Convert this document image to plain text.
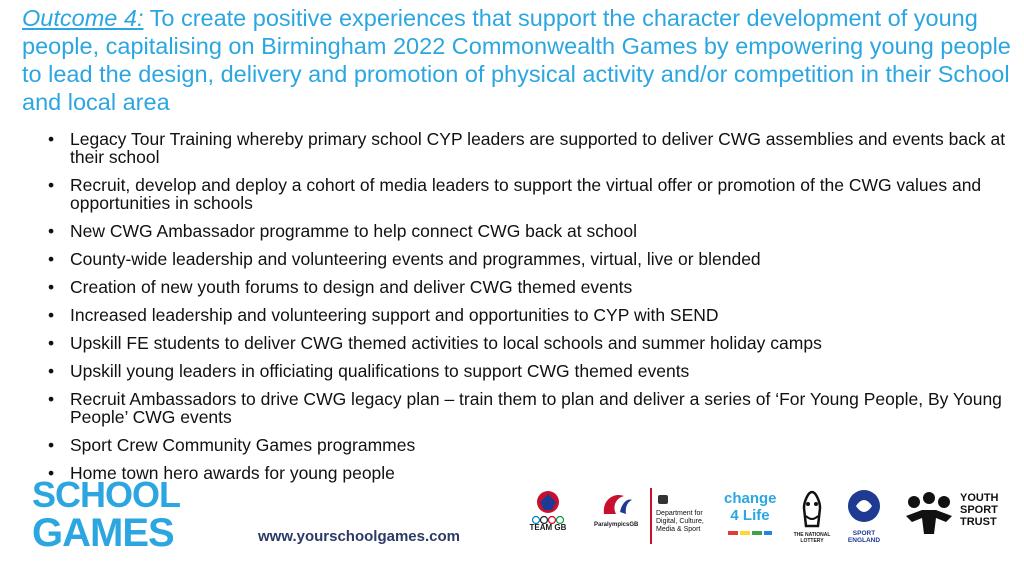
Outcome 4: To create positive experiences that support the character development of young people, capitalising on Birmingham 2022 Commonwealth Games by empowering young people to lead the design, delivery and promotion of physical activity and/or competition in their School and local area
• Legacy Tour Training whereby primary school CYP leaders are supported to deliver CWG assemblies and events back at their school
• Recruit, develop and deploy a cohort of media leaders to support the virtual offer or promotion of the CWG values and opportunities in schools
• New CWG Ambassador programme to help connect CWG back at school
• County-wide leadership and volunteering events and programmes, virtual, live or blended
• Creation of new youth forums to design and deliver CWG themed events
• Increased leadership and volunteering support and opportunities to CYP with SEND
• Upskill FE students to deliver CWG themed activities to local schools and summer holiday camps
• Upskill young leaders in officiating qualifications to support CWG themed events
• Recruit Ambassadors to drive CWG legacy plan – train them to plan and deliver a series of ‘For Young People, By Young People’ CWG events
• Sport Crew Community Games programmes
• Home town hero awards for young people
SCHOOL
GAMES	www.yourschoolgames.com
TEAM GB	ParalympicsGB
Department for Digital, Culture, Media & Sport
change 4 Life
THE NATIONAL LOTTERY
SPORT ENGLAND
YOUTH SPORT TRUST
